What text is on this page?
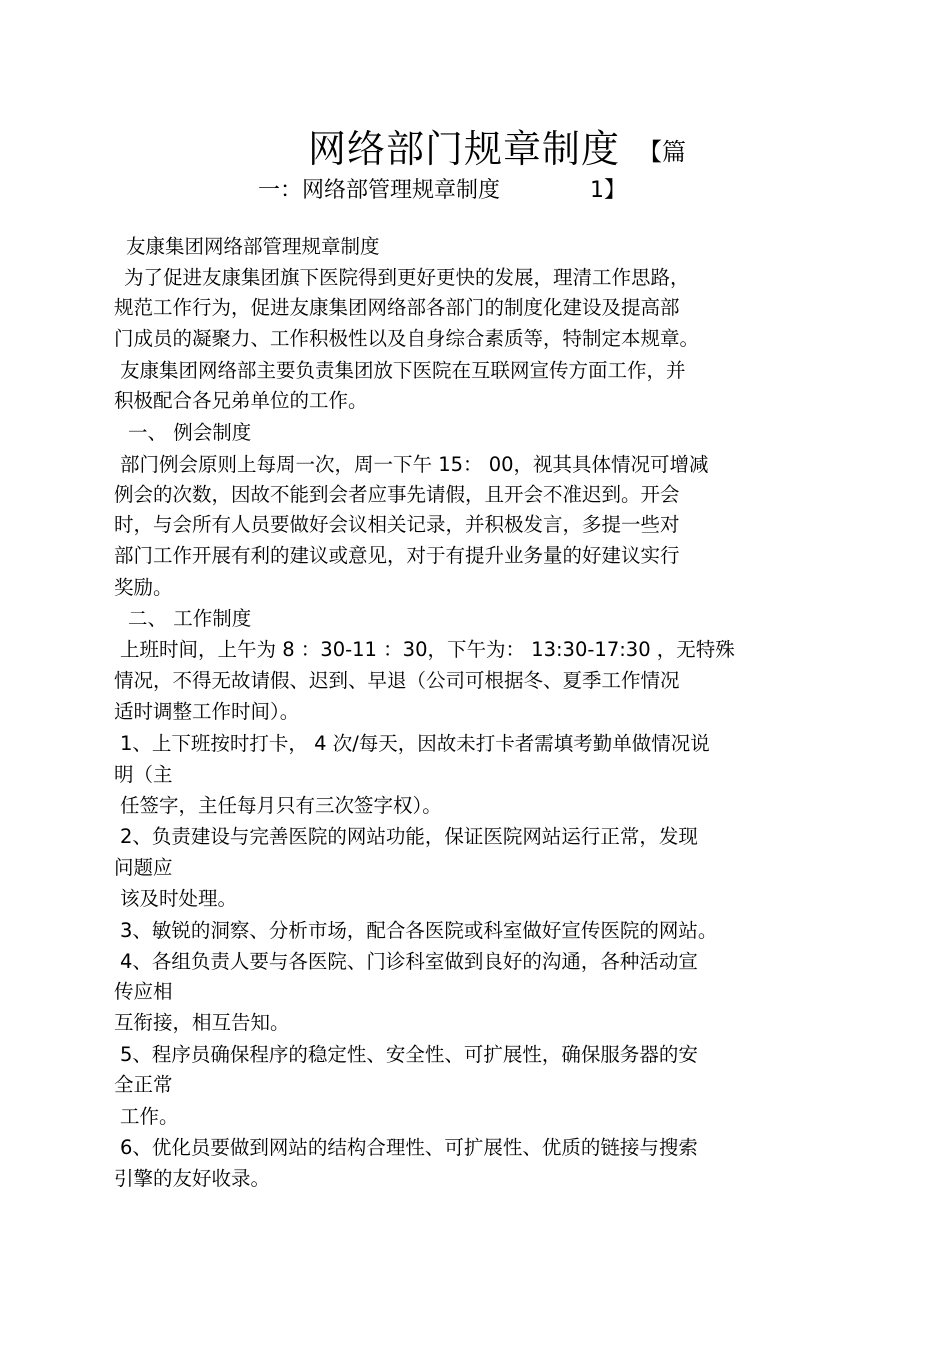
网络部门规章制度 【篇
一：网络部管理规章制度	1】
友康集团网络部管理规章制度
为了促进友康集团旗下医院得到更好更快的发展，理清工作思路，
规范工作行为，促进友康集团网络部各部门的制度化建设及提高部
门成员的凝聚力、工作积极性以及自身综合素质等，特制定本规章。
友康集团网络部主要负责集团放下医院在互联网宣传方面工作，并
积极配合各兄弟单位的工作。
一、 例会制度
部门例会原则上每周一次，周一下午 15： 00，视其具体情况可增减
例会的次数，因故不能到会者应事先请假，且开会不准迟到。开会
时，与会所有人员要做好会议相关记录，并积极发言，多提一些对
部门工作开展有利的建议或意见，对于有提升业务量的好建议实行
奖励。
二、 工作制度
上班时间，上午为 8 ：30-11 ：30，下午为： 13:30-17:30 ，无特殊
情况，不得无故请假、迟到、早退（公司可根据冬、夏季工作情况
适时调整工作时间）。
1、上下班按时打卡， 4 次/每天，因故未打卡者需填考勤单做情况说
明（主
任签字，主任每月只有三次签字权）。
2、负责建设与完善医院的网站功能，保证医院网站运行正常，发现
问题应
该及时处理。
3、敏锐的洞察、分析市场，配合各医院或科室做好宣传医院的网站。
4、各组负责人要与各医院、门诊科室做到良好的沟通，各种活动宣
传应相
互衔接，相互告知。
5、程序员确保程序的稳定性、安全性、可扩展性，确保服务器的安
全正常
工作。
6、优化员要做到网站的结构合理性、可扩展性、优质的链接与搜索
引擎的友好收录。
